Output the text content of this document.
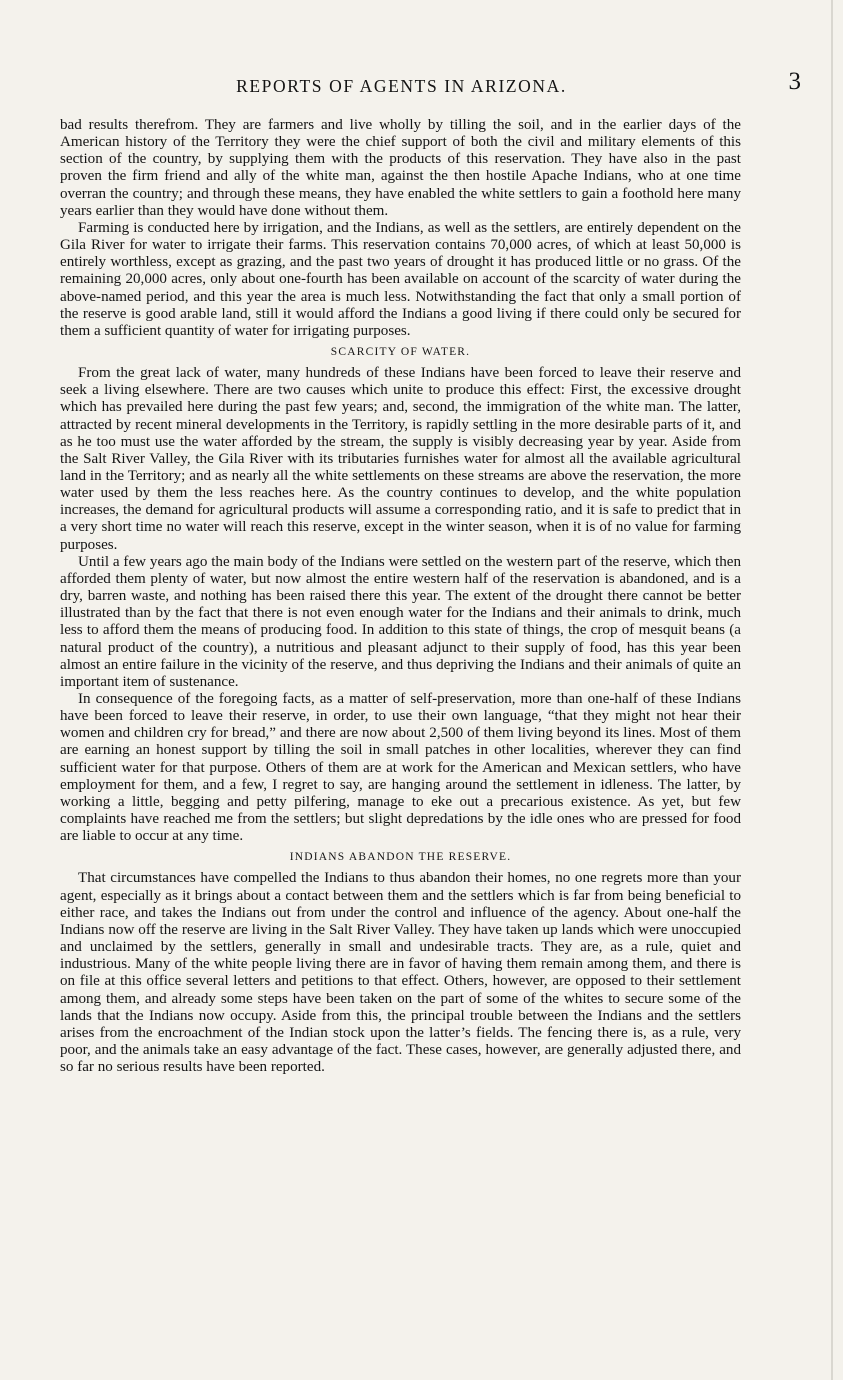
REPORTS OF AGENTS IN ARIZONA.	3

bad results therefrom. They are farmers and live wholly by tilling the soil, and in the earlier days of the American history of the Territory they were the chief support of both the civil and military elements of this section of the country, by supplying them with the products of this reservation. They have also in the past proven the firm friend and ally of the white man, against the then hostile Apache Indians, who at one time overran the country; and through these means, they have enabled the white settlers to gain a foothold here many years earlier than they would have done without them.

Farming is conducted here by irrigation, and the Indians, as well as the settlers, are entirely dependent on the Gila River for water to irrigate their farms. This reservation contains 70,000 acres, of which at least 50,000 is entirely worthless, except as grazing, and the past two years of drought it has produced little or no grass. Of the remaining 20,000 acres, only about one-fourth has been available on account of the scarcity of water during the above-named period, and this year the area is much less. Notwithstanding the fact that only a small portion of the reserve is good arable land, still it would afford the Indians a good living if there could only be secured for them a sufficient quantity of water for irrigating purposes.

SCARCITY OF WATER.

From the great lack of water, many hundreds of these Indians have been forced to leave their reserve and seek a living elsewhere. There are two causes which unite to produce this effect: First, the excessive drought which has prevailed here during the past few years; and, second, the immigration of the white man. The latter, attracted by recent mineral developments in the Territory, is rapidly settling in the more desirable parts of it, and as he too must use the water afforded by the stream, the supply is visibly decreasing year by year. Aside from the Salt River Valley, the Gila River with its tributaries furnishes water for almost all the available agricultural land in the Territory; and as nearly all the white settlements on these streams are above the reservation, the more water used by them the less reaches here. As the country continues to develop, and the white population increases, the demand for agricultural products will assume a corresponding ratio, and it is safe to predict that in a very short time no water will reach this reserve, except in the winter season, when it is of no value for farming purposes.

Until a few years ago the main body of the Indians were settled on the western part of the reserve, which then afforded them plenty of water, but now almost the entire western half of the reservation is abandoned, and is a dry, barren waste, and nothing has been raised there this year. The extent of the drought there cannot be better illustrated than by the fact that there is not even enough water for the Indians and their animals to drink, much less to afford them the means of producing food. In addition to this state of things, the crop of mesquit beans (a natural product of the country), a nutritious and pleasant adjunct to their supply of food, has this year been almost an entire failure in the vicinity of the reserve, and thus depriving the Indians and their animals of quite an important item of sustenance.

In consequence of the foregoing facts, as a matter of self-preservation, more than one-half of these Indians have been forced to leave their reserve, in order, to use their own language, “that they might not hear their women and children cry for bread,” and there are now about 2,500 of them living beyond its lines. Most of them are earning an honest support by tilling the soil in small patches in other localities, wherever they can find sufficient water for that purpose. Others of them are at work for the American and Mexican settlers, who have employment for them, and a few, I regret to say, are hanging around the settlement in idleness. The latter, by working a little, begging and petty pilfering, manage to eke out a precarious existence. As yet, but few complaints have reached me from the settlers; but slight depredations by the idle ones who are pressed for food are liable to occur at any time.

INDIANS ABANDON THE RESERVE.

That circumstances have compelled the Indians to thus abandon their homes, no one regrets more than your agent, especially as it brings about a contact between them and the settlers which is far from being beneficial to either race, and takes the Indians out from under the control and influence of the agency. About one-half the Indians now off the reserve are living in the Salt River Valley. They have taken up lands which were unoccupied and unclaimed by the settlers, generally in small and undesirable tracts. They are, as a rule, quiet and industrious. Many of the white people living there are in favor of having them remain among them, and there is on file at this office several letters and petitions to that effect. Others, however, are opposed to their settlement among them, and already some steps have been taken on the part of some of the whites to secure some of the lands that the Indians now occupy. Aside from this, the principal trouble between the Indians and the settlers arises from the encroachment of the Indian stock upon the latter’s fields. The fencing there is, as a rule, very poor, and the animals take an easy advantage of the fact. These cases, however, are generally adjusted there, and so far no serious results have been reported.
